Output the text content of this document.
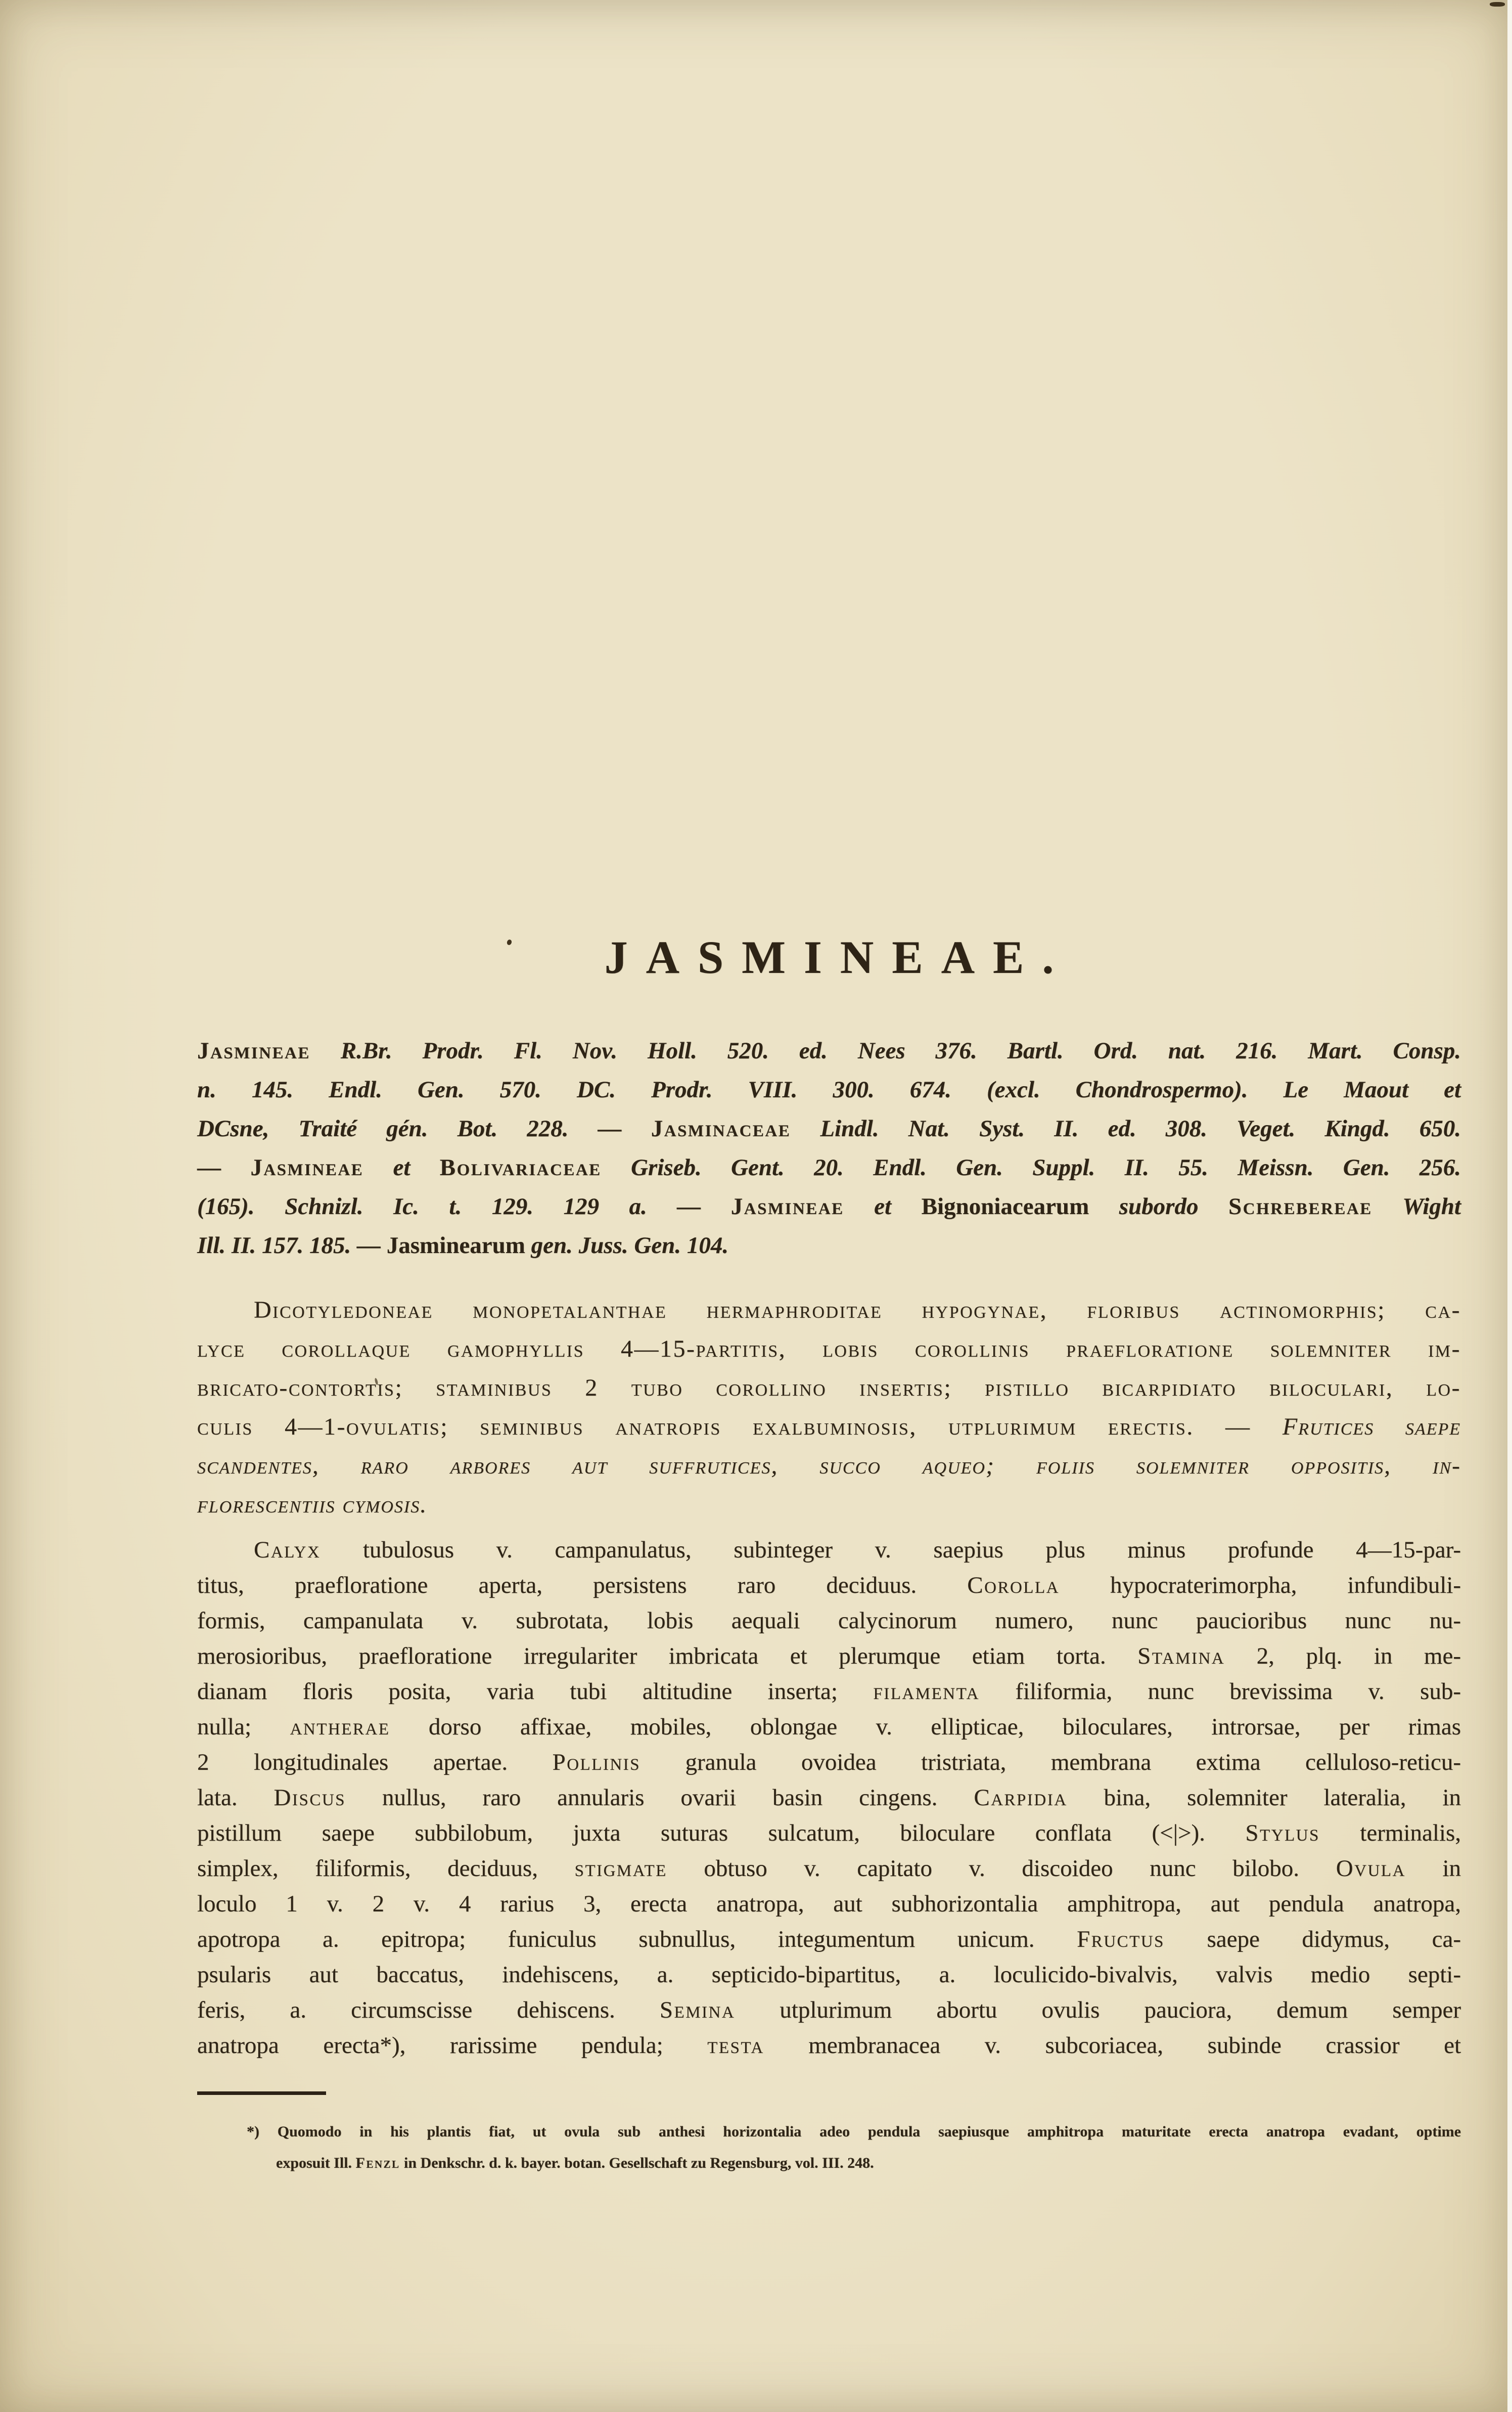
JASMINEAE.
Jasmineae R.Br. Prodr. Fl. Nov. Holl. 520. ed. Nees 376. Bartl. Ord. nat. 216. Mart. Consp.
n. 145. Endl. Gen. 570. DC. Prodr. VIII. 300. 674. (excl. Chondrospermo). Le Maout et
DCsne, Traité gén. Bot. 228. — Jasminaceae Lindl. Nat. Syst. II. ed. 308. Veget. Kingd. 650.
— Jasmineae et Bolivariaceae Griseb. Gent. 20. Endl. Gen. Suppl. II. 55. Meissn. Gen. 256.
(165). Schnizl. Ic. t. 129. 129 a. — Jasmineae et Bignoniacearum subordo Schrebereae Wight
Ill. II. 157. 185. — Jasminearum gen. Juss. Gen. 104.
Dicotyledoneae monopetalanthae hermaphroditae hypogynae, floribus actinomorphis; ca-
lyce corollaque gamophyllis 4—15-partitis, lobis corollinis praefloratione solemniter im-
bricato-contortis; staminibus 2 tubo corollino insertis; pistillo bicarpidiato biloculari, lo-
culis 4—1-ovulatis; seminibus anatropis exalbuminosis, utplurimum erectis. — Frutices saepe
scandentes, raro arbores aut suffrutices, succo aqueo; foliis solemniter oppositis, in-
florescentiis cymosis.
Calyx tubulosus v. campanulatus, subinteger v. saepius plus minus profunde 4—15-par-
titus, praefloratione aperta, persistens raro deciduus. Corolla hypocraterimorpha, infundibuli-
formis, campanulata v. subrotata, lobis aequali calycinorum numero, nunc paucioribus nunc nu-
merosioribus, praefloratione irregulariter imbricata et plerumque etiam torta. Stamina 2, plq. in me-
dianam floris posita, varia tubi altitudine inserta; filamenta filiformia, nunc brevissima v. sub-
nulla; antherae dorso affixae, mobiles, oblongae v. ellipticae, biloculares, introrsae, per rimas
2 longitudinales apertae. Pollinis granula ovoidea tristriata, membrana extima celluloso-reticu-
lata. Discus nullus, raro annularis ovarii basin cingens. Carpidia bina, solemniter lateralia, in
pistillum saepe subbilobum, juxta suturas sulcatum, biloculare conflata (<|>). Stylus terminalis,
simplex, filiformis, deciduus, stigmate obtuso v. capitato v. discoideo nunc bilobo. Ovula in
loculo 1 v. 2 v. 4 rarius 3, erecta anatropa, aut subhorizontalia amphitropa, aut pendula anatropa,
apotropa a. epitropa; funiculus subnullus, integumentum unicum. Fructus saepe didymus, ca-
psularis aut baccatus, indehiscens, a. septicido-bipartitus, a. loculicido-bivalvis, valvis medio septi-
feris, a. circumscisse dehiscens. Semina utplurimum abortu ovulis pauciora, demum semper
anatropa erecta*), rarissime pendula; testa membranacea v. subcoriacea, subinde crassior et
*) Quomodo in his plantis fiat, ut ovula sub anthesi horizontalia adeo pendula saepiusque amphitropa maturitate erecta anatropa evadant, optime
exposuit Ill. Fenzl in Denkschr. d. k. bayer. botan. Gesellschaft zu Regensburg, vol. III. 248.
